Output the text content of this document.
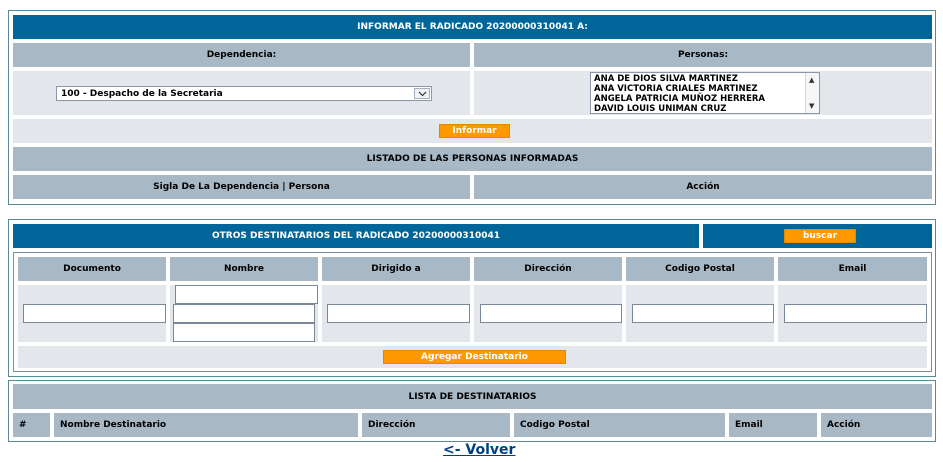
INFORMAR EL RADICADO 20200000310041 A:
Dependencia:	Personas:
100 - Despacho de la Secretaria
ANA DE DIOS SILVA MARTINEZ
ANA VICTORIA CRIALES MARTINEZ
ANGELA PATRICIA MUÑOZ HERRERA
DAVID LOUIS UNIMAN CRUZ
▲
▼
Informar
LISTADO DE LAS PERSONAS INFORMADAS
Sigla De La Dependencia | Persona	Acción
OTROS DESTINATARIOS DEL RADICADO 20200000310041	buscar
Documento	Nombre	Dirigido a	Dirección	Codigo Postal	Email
Agregar Destinatario
LISTA DE DESTINATARIOS
#	Nombre Destinatario	Dirección	Codigo Postal	Email	Acción
<- Volver
